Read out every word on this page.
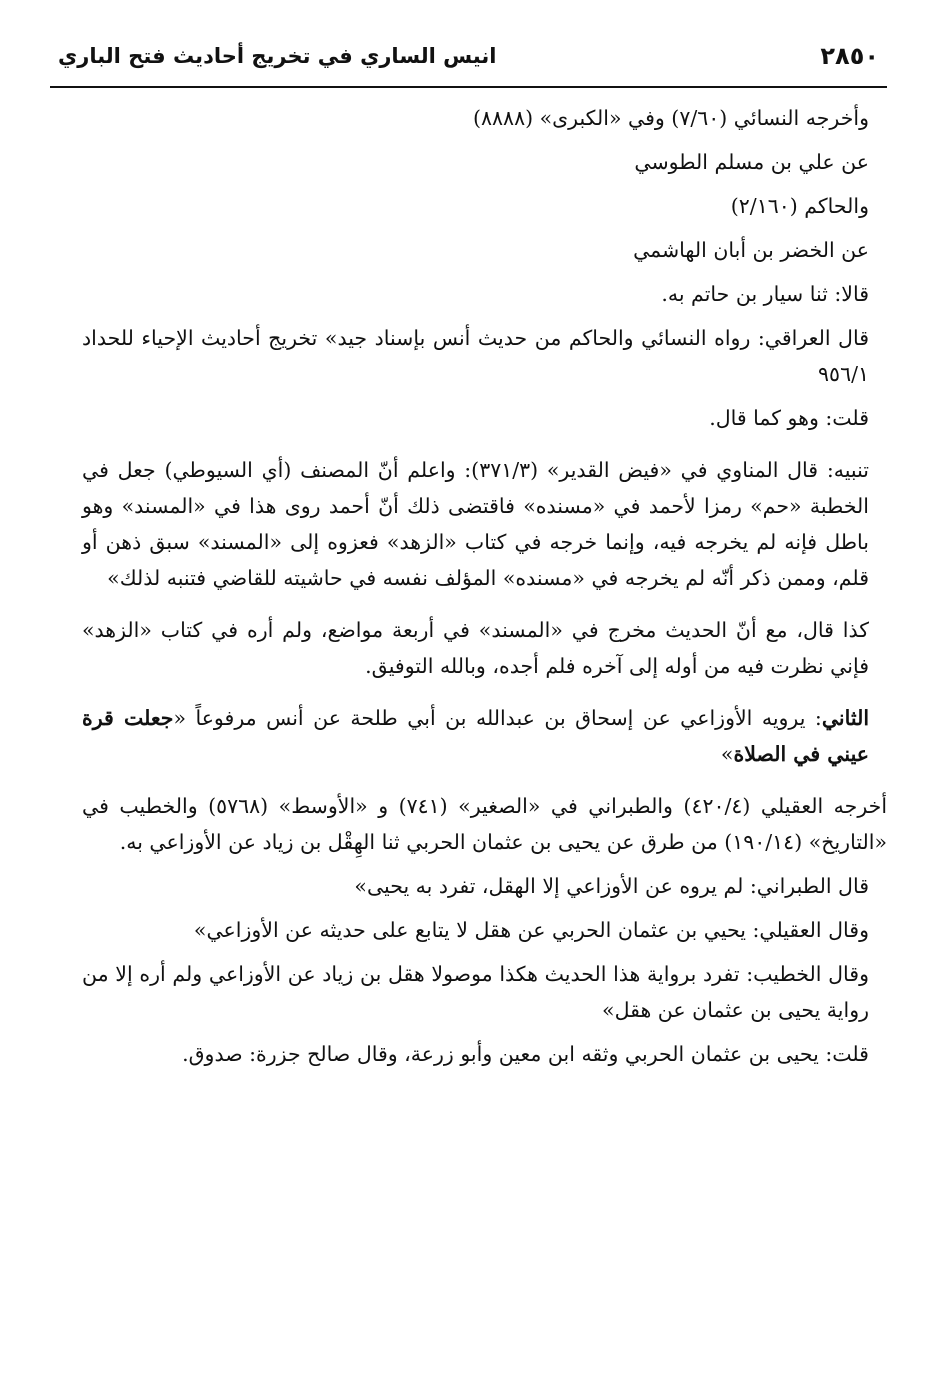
٢٨٥٠
انيس الساري في تخريج أحاديث فتح الباري

وأخرجه النسائي (٧/٦٠) وفي «الكبرى» (٨٨٨٨)

عن علي بن مسلم الطوسي

والحاكم (٢/١٦٠)

عن الخضر بن أبان الهاشمي

قالا: ثنا سيار بن حاتم به.

قال العراقي: رواه النسائي والحاكم من حديث أنس بإسناد جيد» تخريج أحاديث الإحياء للحداد ٩٥٦/١

قلت: وهو كما قال.

تنبيه: قال المناوي في «فيض القدير» (٣٧١/٣): واعلم أنّ المصنف (أي السيوطي) جعل في الخطبة «حم» رمزا لأحمد في «مسنده» فاقتضى ذلك أنّ أحمد روى هذا في «المسند» وهو باطل فإنه لم يخرجه فيه، وإنما خرجه في كتاب «الزهد» فعزوه إلى «المسند» سبق ذهن أو قلم، وممن ذكر أنّه لم يخرجه في «مسنده» المؤلف نفسه في حاشيته للقاضي فتنبه لذلك»

كذا قال، مع أنّ الحديث مخرج في «المسند» في أربعة مواضع، ولم أره في كتاب «الزهد» فإني نظرت فيه من أوله إلى آخره فلم أجده، وبالله التوفيق.

الثاني: يرويه الأوزاعي عن إسحاق بن عبدالله بن أبي طلحة عن أنس مرفوعاً «جعلت قرة عيني في الصلاة»

أخرجه العقيلي (٤٢٠/٤) والطبراني في «الصغير» (٧٤١) و «الأوسط» (٥٧٦٨) والخطيب في «التاريخ» (١٩٠/١٤) من طرق عن يحيى بن عثمان الحربي ثنا الهِقْل بن زياد عن الأوزاعي به.

قال الطبراني: لم يروه عن الأوزاعي إلا الهقل، تفرد به يحيى»

وقال العقيلي: يحيي بن عثمان الحربي عن هقل لا يتابع على حديثه عن الأوزاعي»

وقال الخطيب: تفرد برواية هذا الحديث هكذا موصولا هقل بن زياد عن الأوزاعي ولم أره إلا من رواية يحيى بن عثمان عن هقل»

قلت: يحيى بن عثمان الحربي وثقه ابن معين وأبو زرعة، وقال صالح جزرة: صدوق.
